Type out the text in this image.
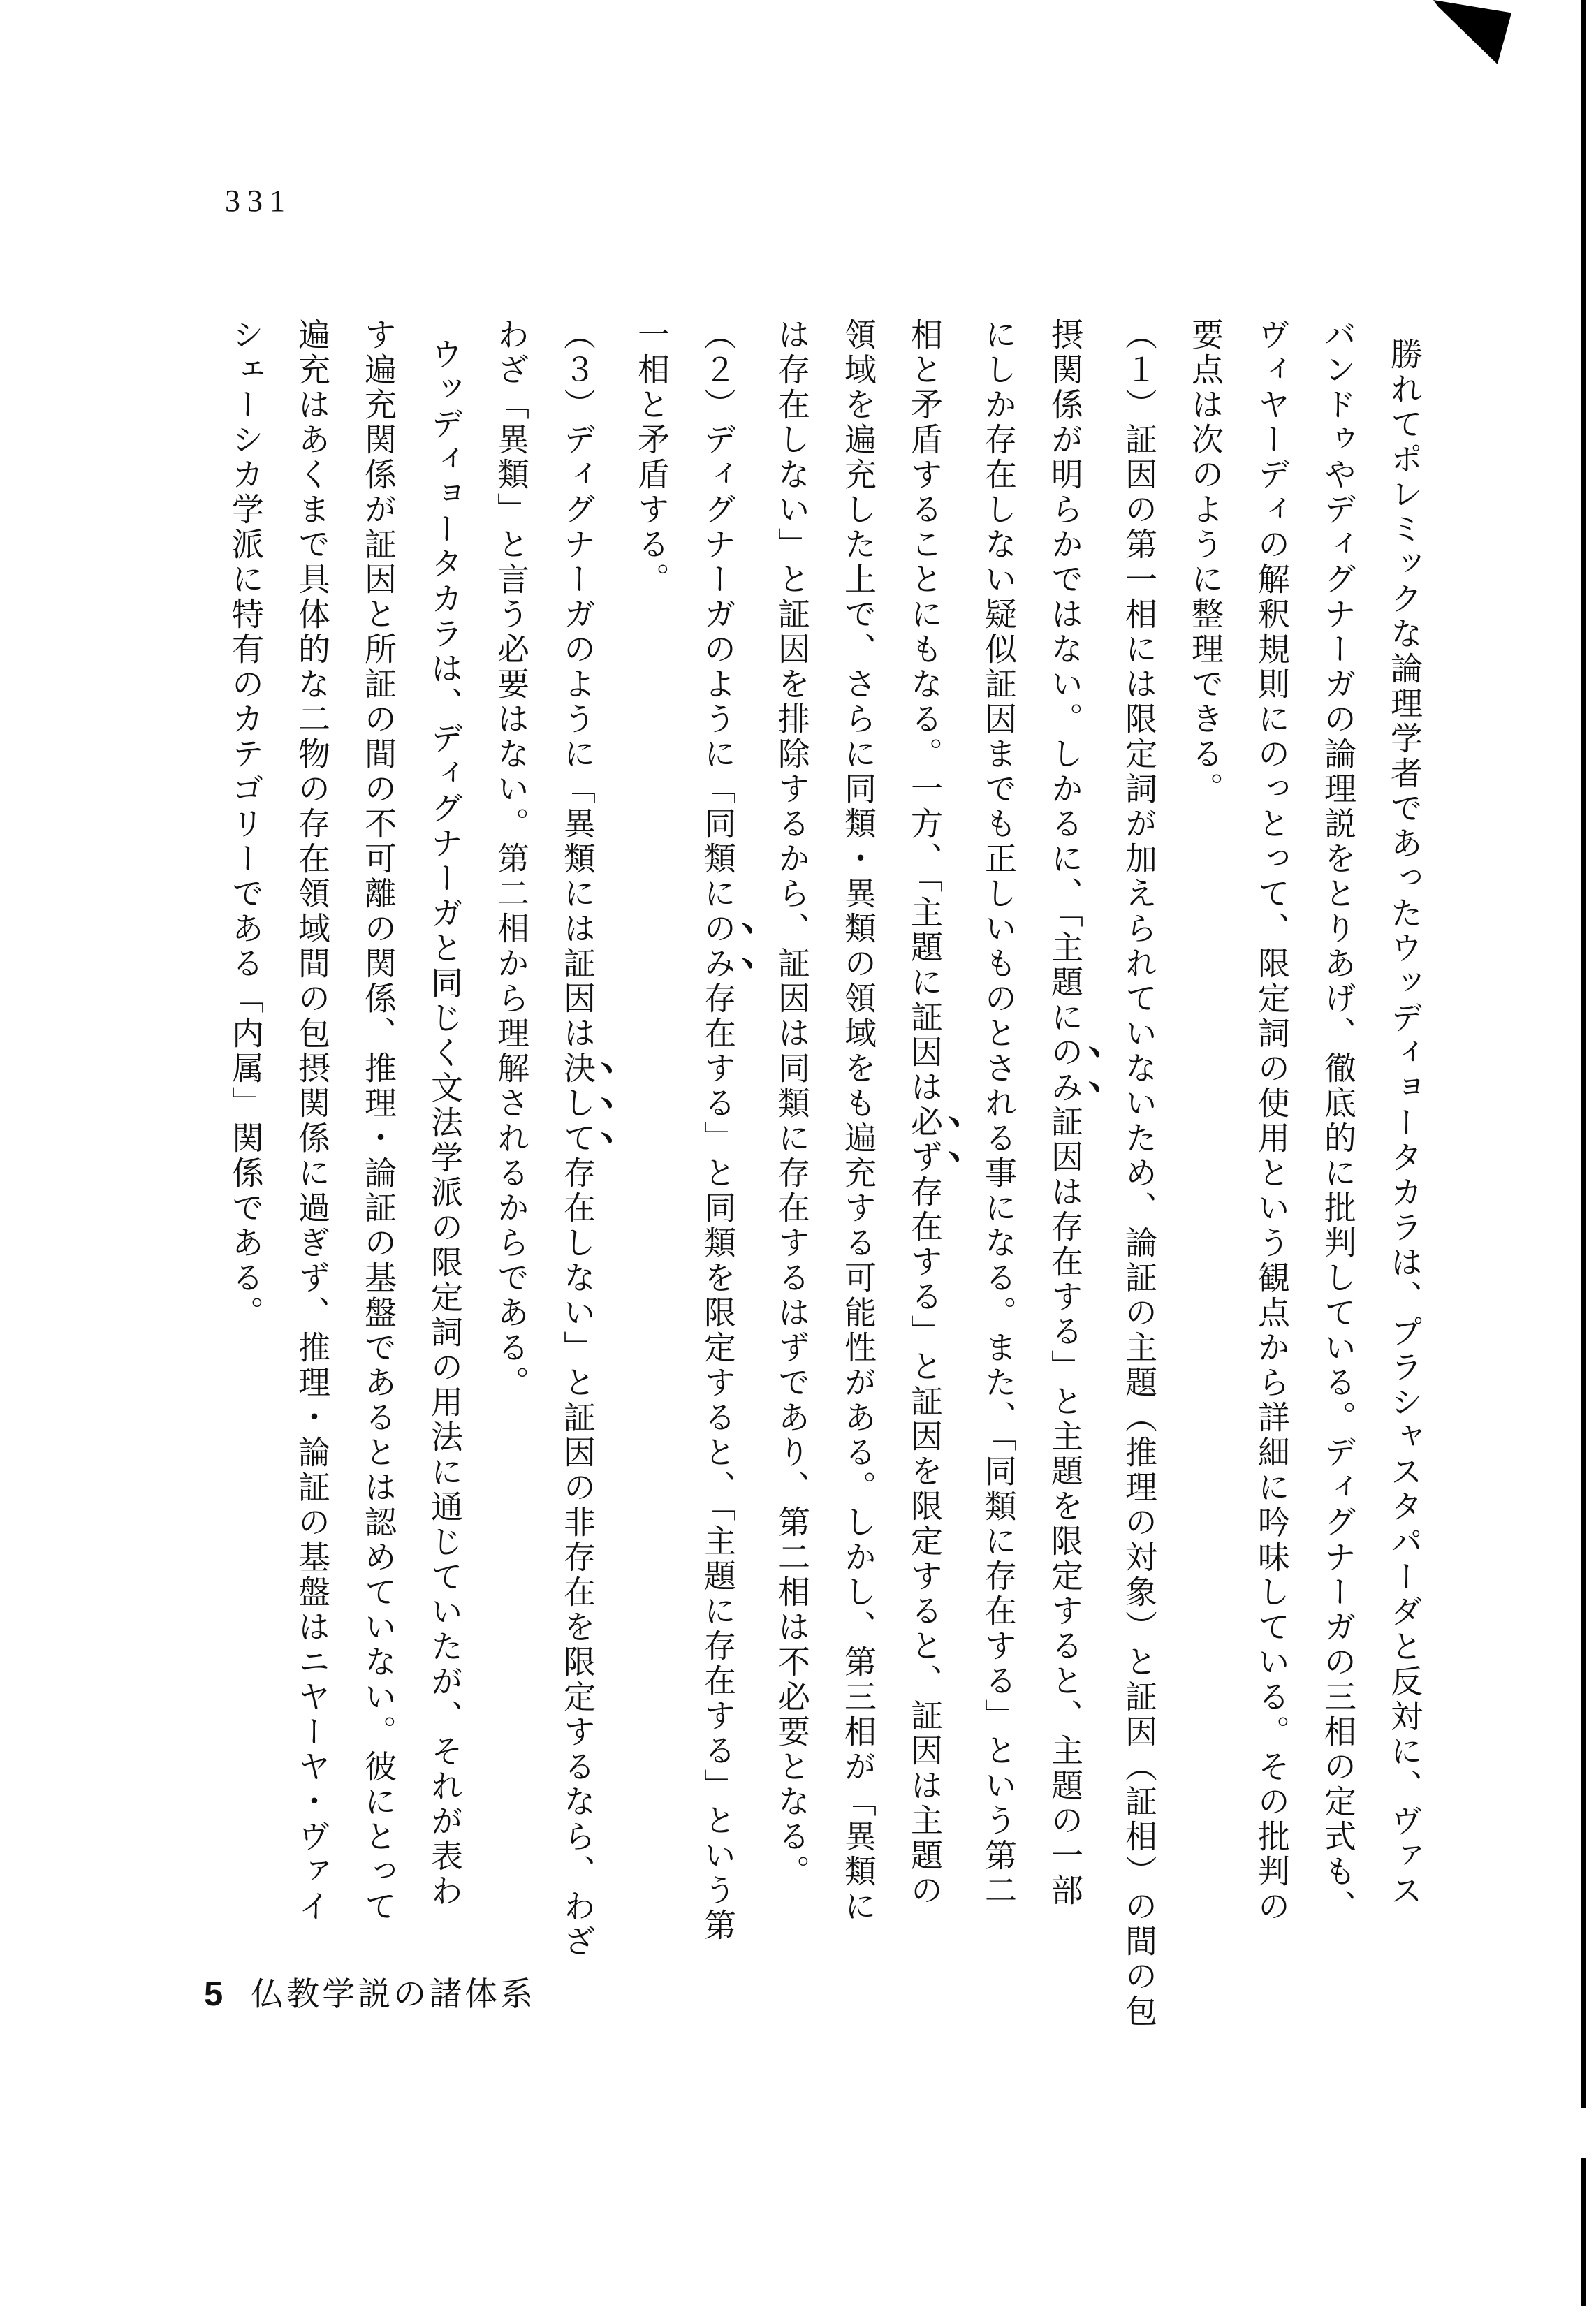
331
勝れてポレミックな論理学者であったウッディョータカラは、プラシャスタパーダと反対に、ヴァス
バンドゥやディグナーガの論理説をとりあげ、徹底的に批判している。ディグナーガの三相の定式も、
ヴィヤーディの解釈規則にのっとって、限定詞の使用という観点から詳細に吟味している。その批判の
要点は次のように整理できる。
（１）証因の第一相には限定詞が加えられていないため、論証の主題（推理の対象）と証因（証相）の間の包
摂関係が明らかではない。しかるに、「主題にのみ証因は存在する」と主題を限定すると、主題の一部
にしか存在しない疑似証因までも正しいものとされる事になる。また、「同類に存在する」という第二
相と矛盾することにもなる。一方、「主題に証因は必ず存在する」と証因を限定すると、証因は主題の
領域を遍充した上で、さらに同類・異類の領域をも遍充する可能性がある。しかし、第三相が「異類に
は存在しない」と証因を排除するから、証因は同類に存在するはずであり、第二相は不必要となる。
（２）ディグナーガのように「同類にのみ存在する」と同類を限定すると、「主題に存在する」という第
一相と矛盾する。
（３）ディグナーガのように「異類には証因は決して存在しない」と証因の非存在を限定するなら、わざ
わざ「異類」と言う必要はない。第二相から理解されるからである。
ウッディョータカラは、ディグナーガと同じく文法学派の限定詞の用法に通じていたが、それが表わ
す遍充関係が証因と所証の間の不可離の関係、推理・論証の基盤であるとは認めていない。彼にとって
遍充はあくまで具体的な二物の存在領域間の包摂関係に過ぎず、推理・論証の基盤はニヤーヤ・ヴァイ
シェーシカ学派に特有のカテゴリーである「内属」関係である。
5 仏教学説の諸体系
